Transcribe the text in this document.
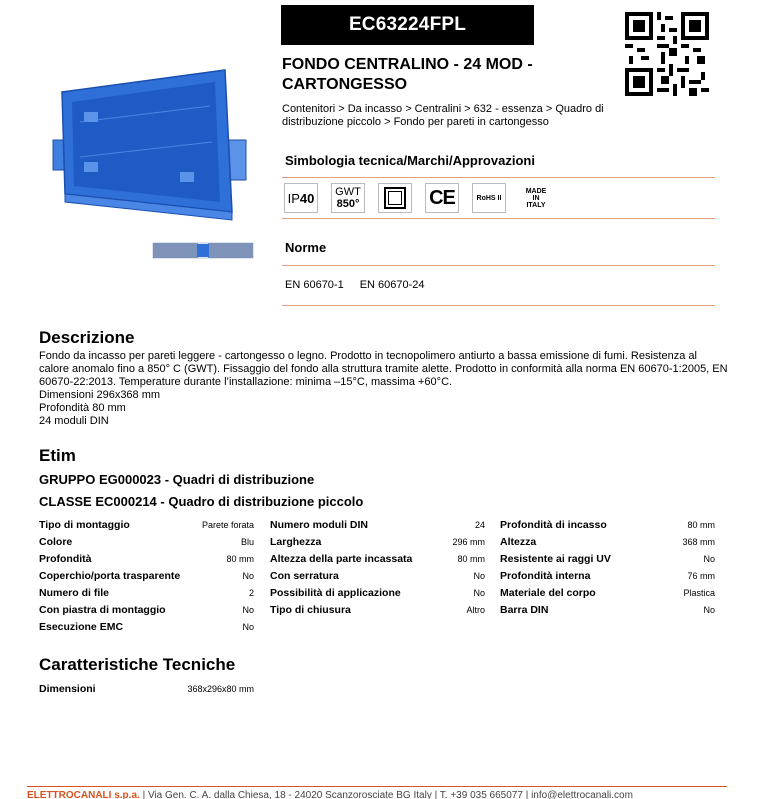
EC63224FPL
FONDO CENTRALINO - 24 MOD - CARTONGESSO
Contenitori > Da incasso > Centralini > 632 - essenza > Quadro di distribuzione piccolo > Fondo per pareti in cartongesso
Simbologia tecnica/Marchi/Approvazioni
IP 40 GWT
850°	CE	RoHS II
MADE
IN
ITALY
Norme
EN 60670-1 EN 60670-24
Descrizione
Fondo da incasso per pareti leggere - cartongesso o legno. Prodotto in tecnopolimero antiurto a bassa emissione di fumi. Resistenza al calore anomalo fino a 850° C (GWT). Fissaggio del fondo alla struttura tramite alette. Prodotto in conformità alla norma EN 60670-1:2005, EN 60670-22:2013. Temperature durante l’installazione: minima –15°C, massima +60°C.
Dimensioni 296x368 mm
Profondità 80 mm
24 moduli DIN
Etim
GRUPPO EG000023 - Quadri di distribuzione
CLASSE EC000214 - Quadro di distribuzione piccolo
Tipo di montaggio	Parete forata
Colore	Blu
Profondità	80 mm
Coperchio/porta trasparente	No
Numero di file	2
Con piastra di montaggio	No
Esecuzione EMC	No
Numero moduli DIN	24
Larghezza	296 mm
Altezza della parte incassata	80 mm
Con serratura	No
Possibilità di applicazione	No
Tipo di chiusura	Altro
Profondità di incasso	80 mm
Altezza	368 mm
Resistente ai raggi UV	No
Profondità interna	76 mm
Materiale del corpo	Plastica
Barra DIN	No
Caratteristiche Tecniche
Dimensioni	368x296x80 mm
ELETTROCANALI s.p.a. | Via Gen. C. A. dalla Chiesa, 18 - 24020 Scanzorosciate BG Italy | T. +39 035 665077 | info@elettrocanali.com
